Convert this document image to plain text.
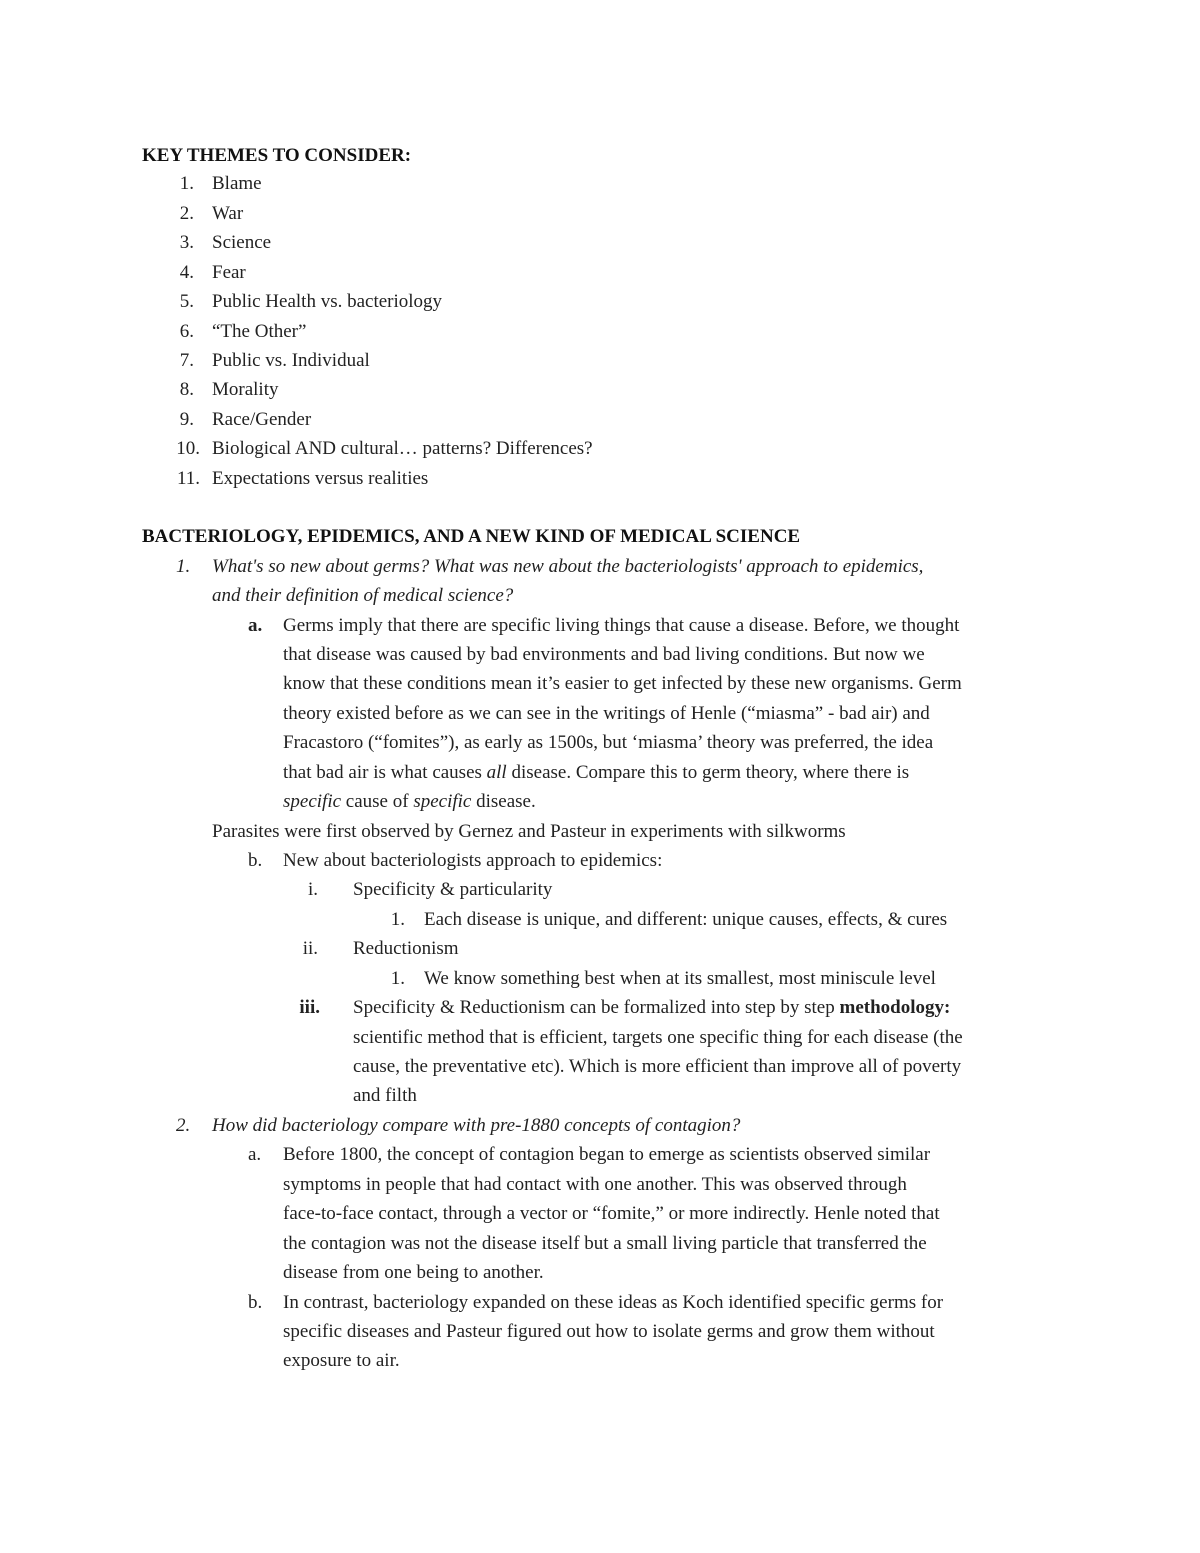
KEY THEMES TO CONSIDER:
1. Blame
2. War
3. Science
4. Fear
5. Public Health vs. bacteriology
6. “The Other”
7. Public vs. Individual
8. Morality
9. Race/Gender
10. Biological AND cultural… patterns? Differences?
11. Expectations versus realities
BACTERIOLOGY, EPIDEMICS, AND A NEW KIND OF MEDICAL SCIENCE
1. What's so new about germs? What was new about the bacteriologists' approach to epidemics,
and their definition of medical science?
a. Germs imply that there are specific living things that cause a disease. Before, we thought
that disease was caused by bad environments and bad living conditions. But now we
know that these conditions mean it’s easier to get infected by these new organisms. Germ
theory existed before as we can see in the writings of Henle (“miasma” - bad air) and
Fracastoro (“fomites”), as early as 1500s, but ‘miasma’ theory was preferred, the idea
that bad air is what causes all disease. Compare this to germ theory, where there is
specific cause of specific disease.
Parasites were first observed by Gernez and Pasteur in experiments with silkworms
b. New about bacteriologists approach to epidemics:
i. Specificity & particularity
1. Each disease is unique, and different: unique causes, effects, & cures
ii. Reductionism
1. We know something best when at its smallest, most miniscule level
iii. Specificity & Reductionism can be formalized into step by step methodology:
scientific method that is efficient, targets one specific thing for each disease (the
cause, the preventative etc). Which is more efficient than improve all of poverty
and filth
2. How did bacteriology compare with pre-1880 concepts of contagion?
a. Before 1800, the concept of contagion began to emerge as scientists observed similar
symptoms in people that had contact with one another. This was observed through
face-to-face contact, through a vector or “fomite,” or more indirectly. Henle noted that
the contagion was not the disease itself but a small living particle that transferred the
disease from one being to another.
b. In contrast, bacteriology expanded on these ideas as Koch identified specific germs for
specific diseases and Pasteur figured out how to isolate germs and grow them without
exposure to air.
